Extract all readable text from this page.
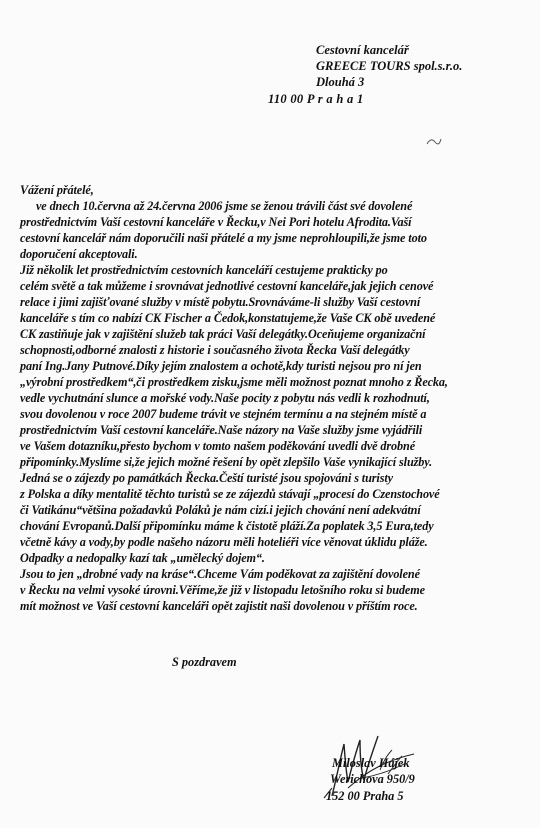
Cestovní kancelář
GREECE TOURS spol.s.r.o.
Dlouhá 3
110 00 P r a h a 1
Vážení přátelé,
ve dnech 10.června až 24.června 2006 jsme se ženou trávili část své dovolené
prostřednictvím Vaší cestovní kanceláře v Řecku,v Nei Pori hotelu Afrodita.Vaší
cestovní kancelář nám doporučili naši přátelé a my jsme neprohloupili,že jsme toto
doporučení akceptovali.
Již několik let prostřednictvím cestovních kanceláří cestujeme prakticky po
celém světě a tak můžeme i srovnávat jednotlivé cestovní kanceláře,jak jejich cenové
relace i jimi zajišťované služby v místě pobytu.Srovnáváme-li služby Vaší cestovní
kanceláře s tím co nabízí CK Fischer a Čedok,konstatujeme,že Vaše CK obě uvedené
CK zastiňuje jak v zajištění služeb tak práci Vaší delegátky.Oceňujeme organizační
schopnosti,odborné znalosti z historie i současného života Řecka Vaší delegátky
paní Ing.Jany Putnové.Díky jejím znalostem a ochotě,kdy turisti nejsou pro ní jen
„výrobní prostředkem“,či prostředkem zisku,jsme měli možnost poznat mnoho z Řecka,
vedle vychutnání slunce a mořské vody.Naše pocity z pobytu nás vedli k rozhodnutí,
svou dovolenou v roce 2007 budeme trávit ve stejném termínu a na stejném místě a
prostřednictvím Vaší cestovní kanceláře.Naše názory na Vaše služby jsme vyjádřili
ve Vašem dotazníku,přesto bychom v tomto našem poděkování uvedli dvě drobné
připomínky.Myslíme si,že jejich možné řešení by opět zlepšilo Vaše vynikající služby.
Jedná se o zájezdy po památkách Řecka.Čeští turisté jsou spojováni s turisty
z Polska a díky mentalitě těchto turistů se ze zájezdů stávají „procesí do Czenstochové
či Vatikánu“většina požadavků Poláků je nám cizí.i jejich chování není adekvátní
chování Evropanů.Další připomínku máme k čistotě pláží.Za poplatek 3,5 Eura,tedy
včetně kávy a vody,by podle našeho názoru měli hoteliéři více věnovat úklidu pláže.
Odpadky a nedopalky kazí tak „umělecký dojem“.
Jsou to jen „drobné vady na kráse“.Chceme Vám poděkovat za zajištění dovolené
v Řecku na velmi vysoké úrovni.Věříme,že již v listopadu letošního roku si budeme
mít možnost ve Vaší cestovní kanceláři opět zajistit naši dovolenou v příštím roce.
S pozdravem
Miloslav Hájek
Werichova 950/9
152 00 Praha 5
